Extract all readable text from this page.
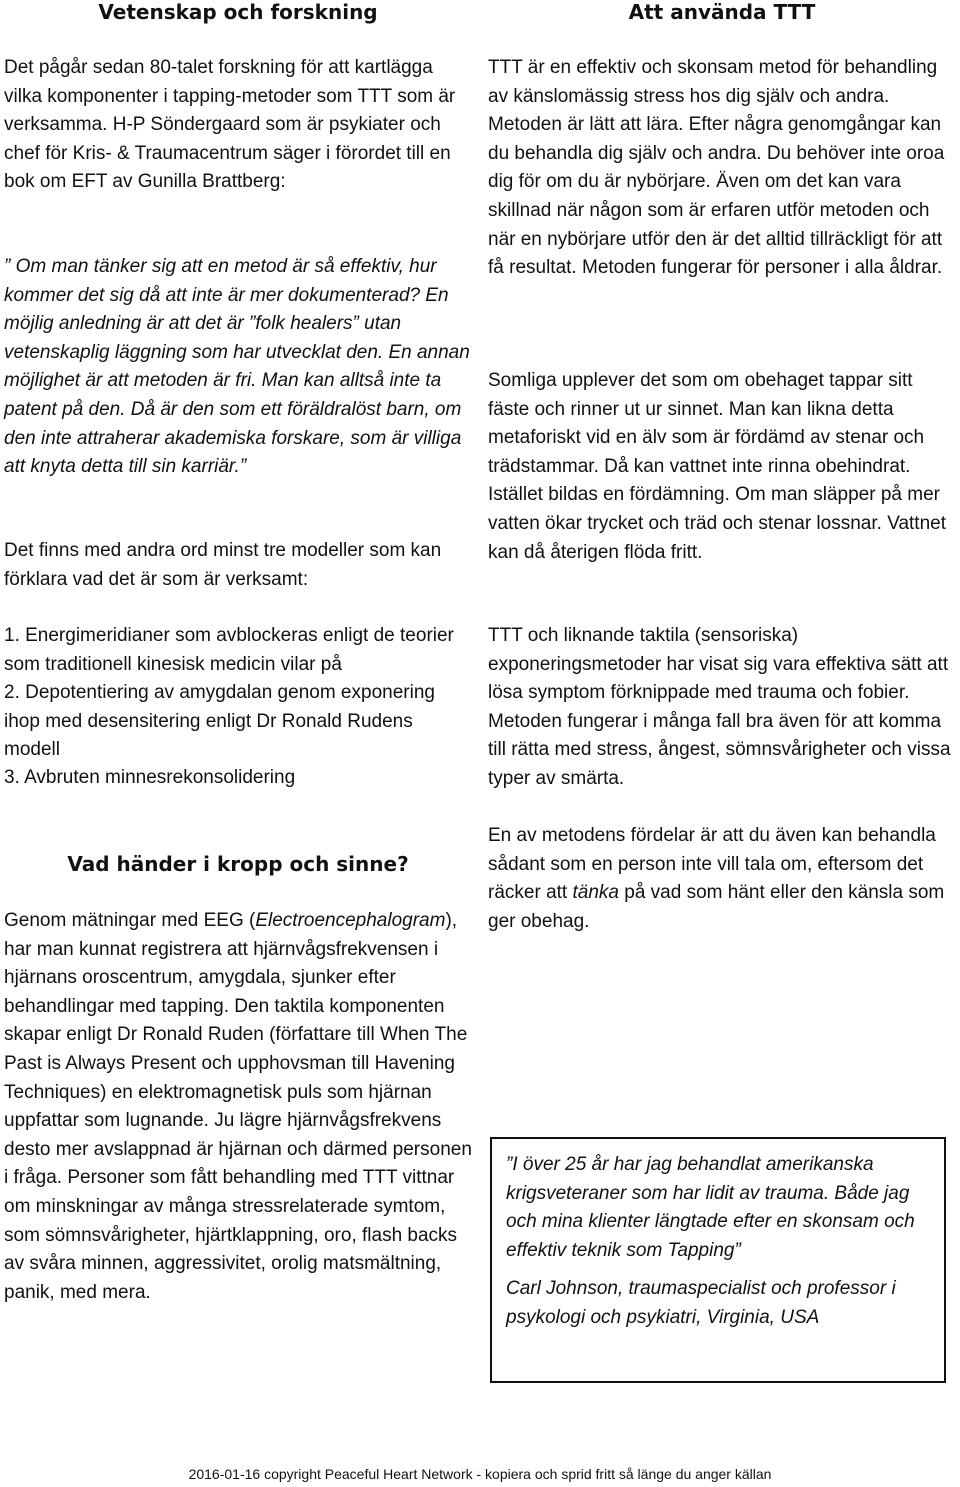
Vetenskap och forskning

Det pågår sedan 80-talet forskning för att kartlägga vilka komponenter i tapping-metoder som TTT som är verksamma. H-P Söndergaard som är psykiater och chef för Kris- & Traumacentrum säger i förordet till en bok om EFT av Gunilla Brattberg:

” Om man tänker sig att en metod är så effektiv, hur kommer det sig då att inte är mer dokumenterad? En möjlig anledning är att det är ”folk healers” utan vetenskaplig läggning som har utvecklat den. En annan möjlighet är att metoden är fri. Man kan alltså inte ta patent på den. Då är den som ett föräldralöst barn, om den inte attraherar akademiska forskare, som är villiga att knyta detta till sin karriär.”

Det finns med andra ord minst tre modeller som kan förklara vad det är som är verksamt:

1. Energimeridianer som avblockeras enligt de teorier som traditionell kinesisk medicin vilar på

2. Depotentiering av amygdalan genom exponering ihop med desensitering enligt Dr Ronald Rudens modell

3. Avbruten minnesrekonsolidering

Vad händer i kropp och sinne?

Genom mätningar med EEG (Electroencephalogram), har man kunnat registrera att hjärnvågsfrekvensen i hjärnans oroscentrum, amygdala, sjunker efter behandlingar med tapping. Den taktila komponenten skapar enligt Dr Ronald Ruden (författare till When The Past is Always Present och upphovsman till Havening Techniques) en elektromagnetisk puls som hjärnan uppfattar som lugnande. Ju lägre hjärnvågsfrekvens desto mer avslappnad är hjärnan och därmed personen i fråga. Personer som fått behandling med TTT vittnar om minskningar av många stressrelaterade symtom, som sömnsvårigheter, hjärtklappning, oro, flash backs av svåra minnen, aggressivitet, orolig matsmältning, panik, med mera.

Att använda TTT

TTT är en effektiv och skonsam metod för behandling av känslomässig stress hos dig själv och andra. Metoden är lätt att lära. Efter några genomgångar kan du behandla dig själv och andra. Du behöver inte oroa dig för om du är nybörjare. Även om det kan vara skillnad när någon som är erfaren utför metoden och när en nybörjare utför den är det alltid tillräckligt för att få resultat. Metoden fungerar för personer i alla åldrar.

Somliga upplever det som om obehaget tappar sitt fäste och rinner ut ur sinnet. Man kan likna detta metaforiskt vid en älv som är fördämd av stenar och trädstammar. Då kan vattnet inte rinna obehindrat. Istället bildas en fördämning. Om man släpper på mer vatten ökar trycket och träd och stenar lossnar. Vattnet kan då återigen flöda fritt.

TTT och liknande taktila (sensoriska) exponeringsmetoder har visat sig vara effektiva sätt att lösa symptom förknippade med trauma och fobier. Metoden fungerar i många fall bra även för att komma till rätta med stress, ångest, sömnsvårigheter och vissa typer av smärta.

En av metodens fördelar är att du även kan behandla sådant som en person inte vill tala om, eftersom det räcker att tänka på vad som hänt eller den känsla som ger obehag.

”I över 25 år har jag behandlat amerikanska krigsveteraner som har lidit av trauma. Både jag och mina klienter längtade efter en skonsam och effektiv teknik som Tapping”

Carl Johnson, traumaspecialist och professor i psykologi och psykiatri, Virginia, USA

2016-01-16 copyright Peaceful Heart Network - kopiera och sprid fritt så länge du anger källan
